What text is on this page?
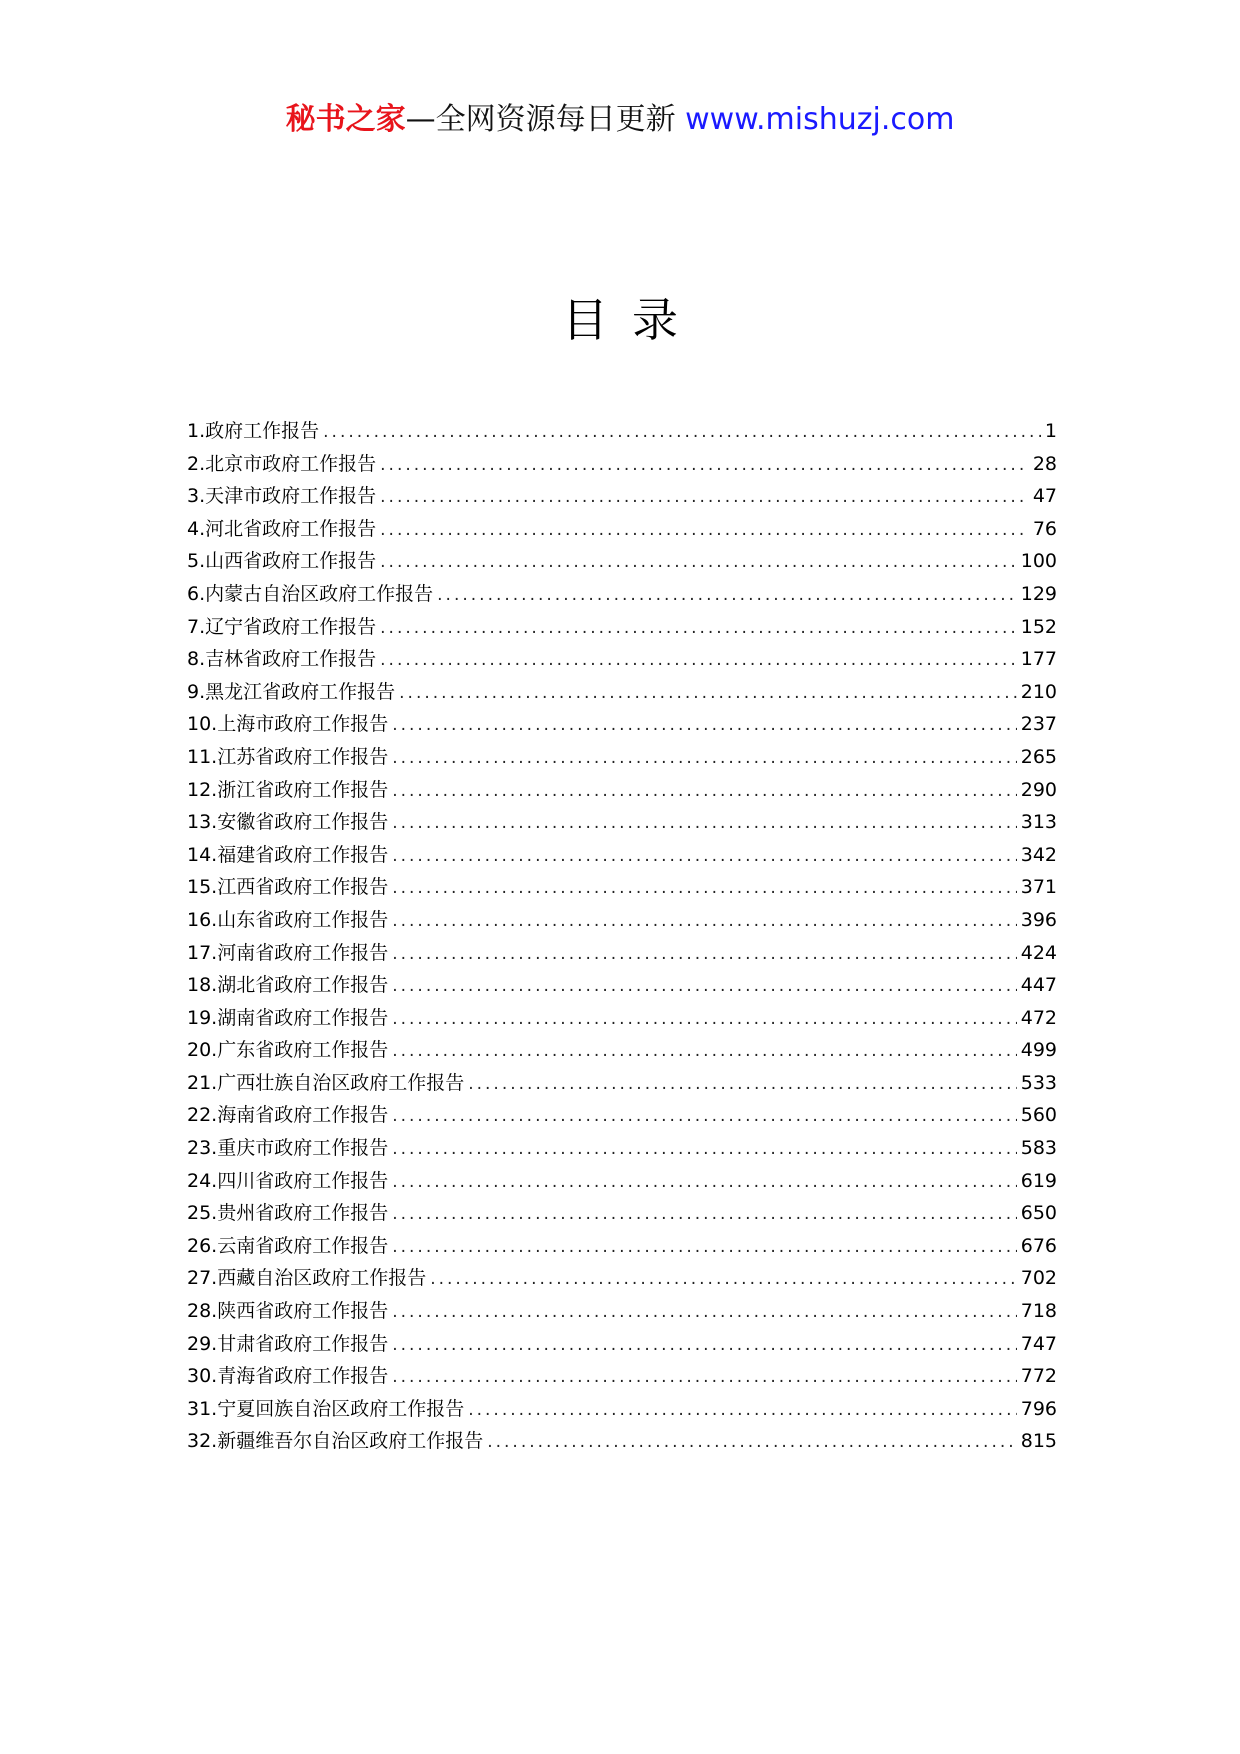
秘书之家—全网资源每日更新 www.mishuzj.com
目录
1.政府工作报告 .....	1
2.北京市政府工作报告 .....	28
3.天津市政府工作报告 .....	47
4.河北省政府工作报告 .....	76
5.山西省政府工作报告 .....	100
6.内蒙古自治区政府工作报告 .....	129
7.辽宁省政府工作报告 .....	152
8.吉林省政府工作报告 .....	177
9.黑龙江省政府工作报告 .....	210
10.上海市政府工作报告 .....	237
11.江苏省政府工作报告 .....	265
12.浙江省政府工作报告 .....	290
13.安徽省政府工作报告 .....	313
14.福建省政府工作报告 .....	342
15.江西省政府工作报告 .....	371
16.山东省政府工作报告 .....	396
17.河南省政府工作报告 .....	424
18.湖北省政府工作报告 .....	447
19.湖南省政府工作报告 .....	472
20.广东省政府工作报告 .....	499
21.广西壮族自治区政府工作报告 .....	533
22.海南省政府工作报告 .....	560
23.重庆市政府工作报告 .....	583
24.四川省政府工作报告 .....	619
25.贵州省政府工作报告 .....	650
26.云南省政府工作报告 .....	676
27.西藏自治区政府工作报告 .....	702
28.陕西省政府工作报告 .....	718
29.甘肃省政府工作报告 .....	747
30.青海省政府工作报告 .....	772
31.宁夏回族自治区政府工作报告 .....	796
32.新疆维吾尔自治区政府工作报告 .....	815
